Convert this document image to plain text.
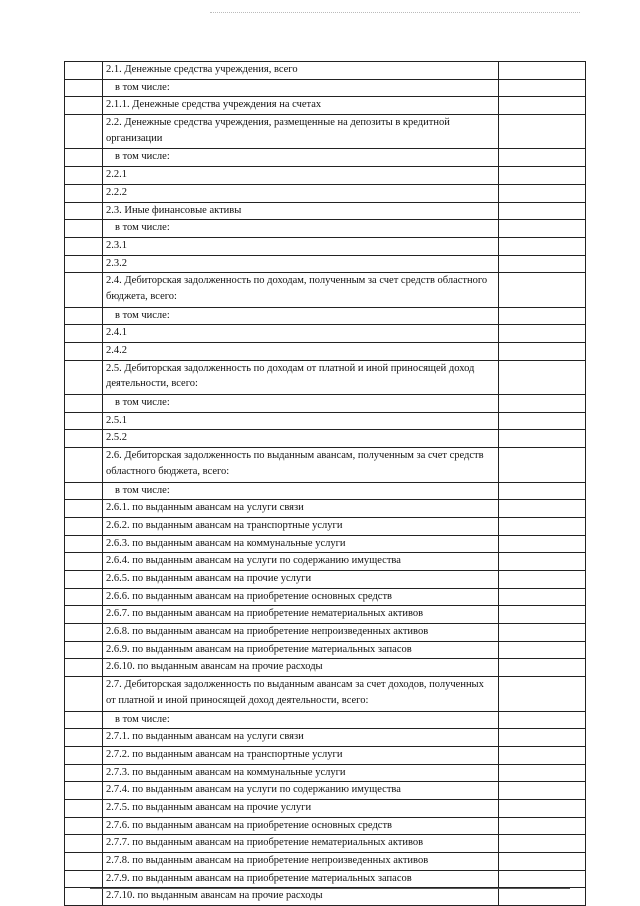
	2.1. Денежные средства учреждения, всего	
	в том числе:	
	2.1.1. Денежные средства учреждения на счетах	
	2.2. Денежные средства учреждения, размещенные на депозиты в кредитной организации	
	в том числе:	
	2.2.1	
	2.2.2	
	2.3. Иные финансовые активы	
	в том числе:	
	2.3.1	
	2.3.2	
	2.4. Дебиторская задолженность по доходам, полученным за счет средств областного бюджета, всего:	
	в том числе:	
	2.4.1	
	2.4.2	
	2.5. Дебиторская задолженность по доходам от платной и иной приносящей доход деятельности, всего:	
	в том числе:	
	2.5.1	
	2.5.2	
	2.6. Дебиторская задолженность по выданным авансам, полученным за счет средств областного бюджета, всего:	
	в том числе:	
	2.6.1. по выданным авансам на услуги связи	
	2.6.2. по выданным авансам на транспортные услуги	
	2.6.3. по выданным авансам на коммунальные услуги	
	2.6.4. по выданным авансам на услуги по содержанию имущества	
	2.6.5. по выданным авансам на прочие услуги	
	2.6.6. по выданным авансам на приобретение основных средств	
	2.6.7. по выданным авансам на приобретение нематериальных активов	
	2.6.8. по выданным авансам на приобретение непроизведенных активов	
	2.6.9. по выданным авансам на приобретение материальных запасов	
	2.6.10. по выданным авансам на прочие расходы	
	2.7. Дебиторская задолженность по выданным авансам за счет доходов, полученных от платной и иной приносящей доход деятельности, всего:	
	в том числе:	
	2.7.1. по выданным авансам на услуги связи	
	2.7.2. по выданным авансам на транспортные услуги	
	2.7.3. по выданным авансам на коммунальные услуги	
	2.7.4. по выданным авансам на услуги по содержанию имущества	
	2.7.5. по выданным авансам на прочие услуги	
	2.7.6. по выданным авансам на приобретение основных средств	
	2.7.7. по выданным авансам на приобретение нематериальных активов	
	2.7.8. по выданным авансам на приобретение непроизведенных активов	
	2.7.9. по выданным авансам на приобретение материальных запасов	
	2.7.10. по выданным авансам на прочие расходы	
